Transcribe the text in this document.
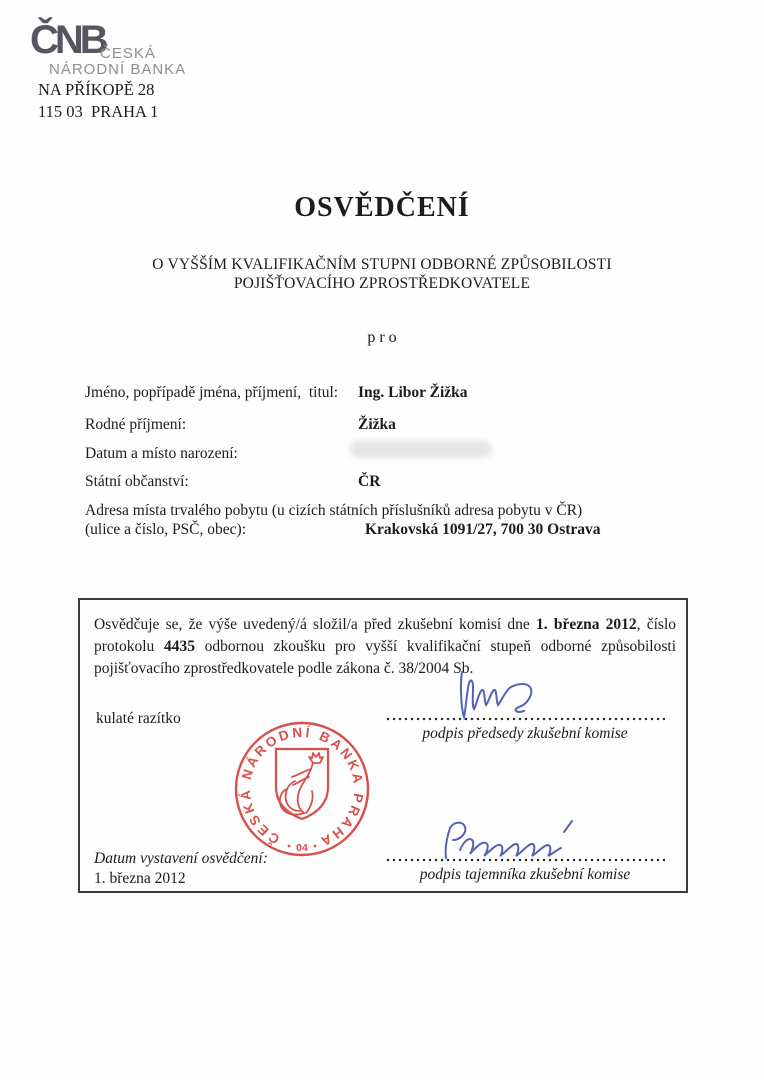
ČNB
ČESKÁ
NÁRODNÍ BANKA
NA PŘÍKOPĚ 28
115 03  PRAHA 1
OSVĚDČENÍ
O VYŠŠÍM KVALIFIKAČNÍM STUPNI ODBORNÉ ZPŮSOBILOSTI
POJIŠŤOVACÍHO ZPROSTŘEDKOVATELE
p r o
Jméno, popřípadě jména, příjmení,  titul: Ing. Libor Žižka
Rodné příjmení:	Žižka
Datum a místo narození:
Státní občanství:	ČR
Adresa místa trvalého pobytu (u cizích státních příslušníků adresa pobytu v ČR)
(ulice a číslo, PSČ, obec):	Krakovská 1091/27, 700 30 Ostrava

Osvědčuje se, že výše uvedený/á složil/a před zkušební komisí dne 1. března 2012, číslo protokolu 4435 odbornou zkoušku pro vyšší kvalifikační stupeň odborné způsobilosti pojišťovacího zprostředkovatele podle zákona č. 38/2004 Sb.

kulaté razítko
ČESKÁ NÁRODNÍ BANKA PRAHA
04
podpis předsedy zkušební komise
podpis tajemníka zkušební komise
Datum vystavení osvědčení:
1. března 2012
